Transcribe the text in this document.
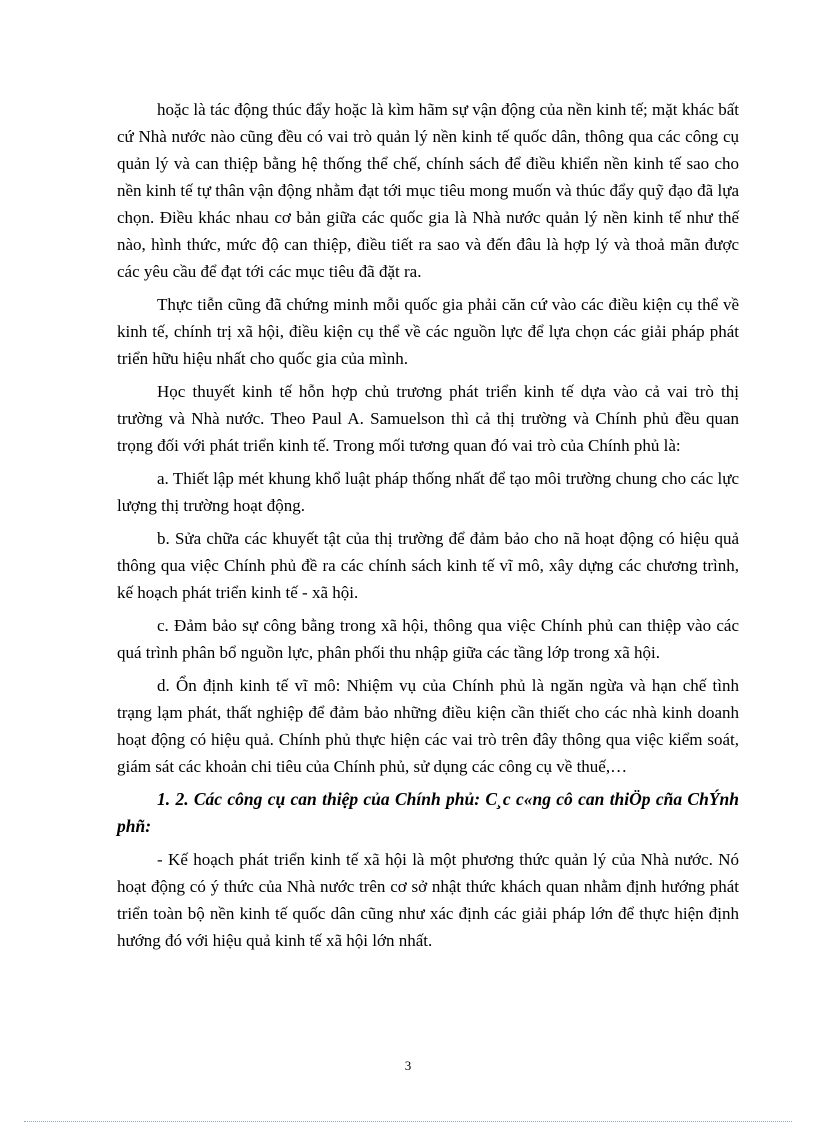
hoặc là tác động thúc đẩy hoặc là kìm hãm sự vận động của nền kinh tế; mặt khác bất cứ Nhà nước nào cũng đều có vai trò quản lý nền kinh tế quốc dân, thông qua các công cụ quản lý và can thiệp bằng hệ thống thể chế, chính sách để điều khiển nền kinh tế sao cho nền kinh tế tự thân vận động nhằm đạt tới mục tiêu mong muốn và thúc đẩy quỹ đạo đã lựa chọn. Điều khác nhau cơ bản giữa các quốc gia là Nhà nước quản lý nền kinh tế như thế nào, hình thức, mức độ can thiệp, điều tiết ra sao và đến đâu là hợp lý và thoả mãn được các yêu cầu để đạt tới các mục tiêu đã đặt ra.

Thực tiễn cũng đã chứng minh mỗi quốc gia phải căn cứ vào các điều kiện cụ thể về kinh tế, chính trị xã hội, điều kiện cụ thể về các nguồn lực để lựa chọn các giải pháp phát triển hữu hiệu nhất cho quốc gia của mình.

Học thuyết kinh tế hỗn hợp chủ trương phát triển kinh tế dựa vào cả vai trò thị trường và Nhà nước. Theo Paul A. Samuelson thì cả thị trường và Chính phủ đều quan trọng đối với phát triển kinh tế. Trong mối tương quan đó vai trò của Chính phủ là:

a. Thiết lập mét khung khổ luật pháp thống nhất để tạo môi trường chung cho các lực lượng thị trường hoạt động.

b. Sửa chữa các khuyết tật của thị trường để đảm bảo cho nã hoạt động có hiệu quả thông qua việc Chính phủ đề ra các chính sách kinh tế vĩ mô, xây dựng các chương trình, kế hoạch phát triển kinh tế - xã hội.

c. Đảm bảo sự công bằng trong xã hội, thông qua việc Chính phủ can thiệp vào các quá trình phân bổ nguồn lực, phân phối thu nhập giữa các tầng lớp trong xã hội.

d. Ổn định kinh tế vĩ mô: Nhiệm vụ của Chính phủ là ngăn ngừa và hạn chế tình trạng lạm phát, thất nghiệp để đảm bảo những điều kiện cần thiết cho các nhà kinh doanh hoạt động có hiệu quả. Chính phủ thực hiện các vai trò trên đây thông qua việc kiểm soát, giám sát các khoản chi tiêu của Chính phủ, sử dụng các công cụ về thuế,…

1. 2. Các công cụ can thiệp của Chính phủ: C¸c c«ng cô can thiÖp cña ChÝnh phñ:

- Kế hoạch phát triển kinh tế xã hội là một phương thức quản lý của Nhà nước. Nó hoạt động có ý thức của Nhà nước trên cơ sở nhật thức khách quan nhằm định hướng phát triển toàn bộ nền kinh tế quốc dân cũng như xác định các giải pháp lớn để thực hiện định hướng đó với hiệu quả kinh tế xã hội lớn nhất.

3
